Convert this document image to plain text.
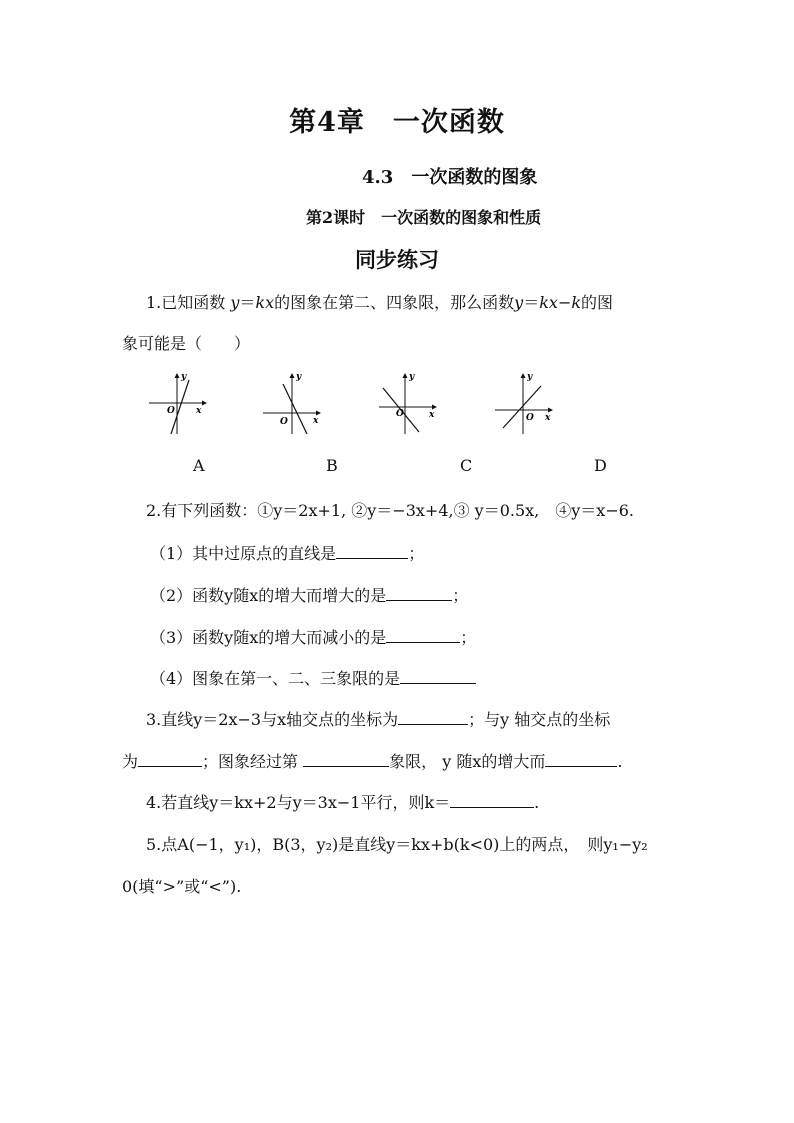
第4章　一次函数
4.3　一次函数的图象
第2课时　一次函数的图象和性质
同步练习
1.已知函数 y＝kx的图象在第二、四象限，那么函数y＝kx−k的图
象可能是（　　）
y
x
O
y
x
O
y
x
O
y
x
O
A	B	C	D
2.有下列函数：①y＝2x+1, ②y＝−3x+4,③ y＝0.5x,　④y＝x−6.
（1）其中过原点的直线是	；
（2）函数y随x的增大而增大的是	；
（3）函数y随x的增大而减小的是	；
（4）图象在第一、二、三象限的是
3.直线y＝2x−3与x轴交点的坐标为	；与y 轴交点的坐标
为	；图象经过第	象限， y 随x的增大而	.
4.若直线y＝kx+2与y＝3x−1平行，则k＝	.
5.点A(−1，y₁)，B(3，y₂)是直线y＝kx+b(k<0)上的两点，　则y₁−y₂
0(填“>”或“<”).
